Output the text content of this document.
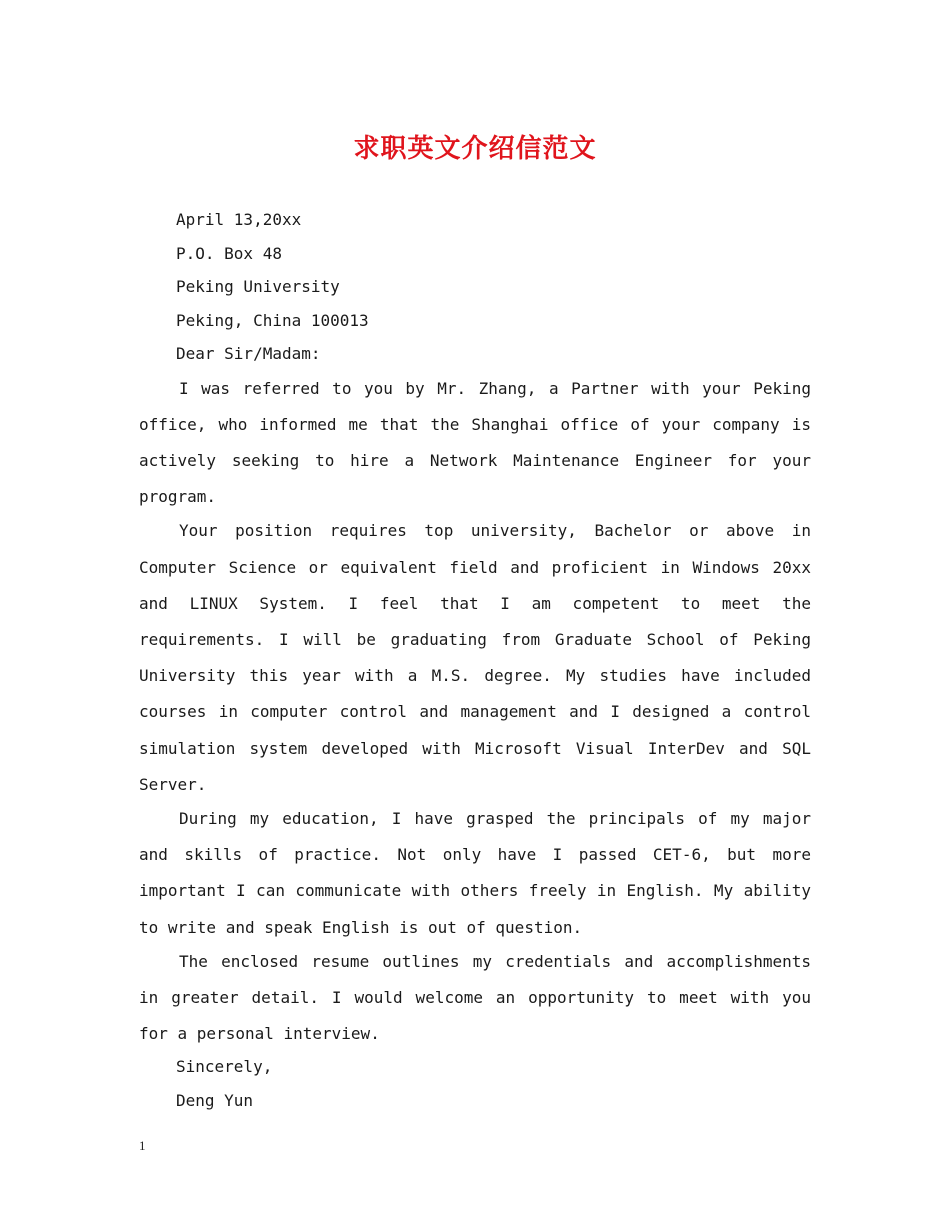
求职英文介绍信范文
April 13,20xx
P.O. Box 48
Peking University
Peking, China 100013
Dear Sir/Madam:
I was referred to you by Mr. Zhang, a Partner with your Peking office, who informed me that the Shanghai office of your company is actively seeking to hire a Network Maintenance Engineer for your program.
Your position requires top university, Bachelor or above in Computer Science or equivalent field and proficient in Windows 20xx and LINUX System. I feel that I am competent to meet the requirements. I will be graduating from Graduate School of Peking University this year with a M.S. degree. My studies have included courses in computer control and management and I designed a control simulation system developed with Microsoft Visual InterDev and SQL Server.
During my education, I have grasped the principals of my major and skills of practice. Not only have I passed CET-6, but more important I can communicate with others freely in English. My ability to write and speak English is out of question.
The enclosed resume outlines my credentials and accomplishments in greater detail. I would welcome an opportunity to meet with you for a personal interview.
Sincerely,
Deng Yun
1
